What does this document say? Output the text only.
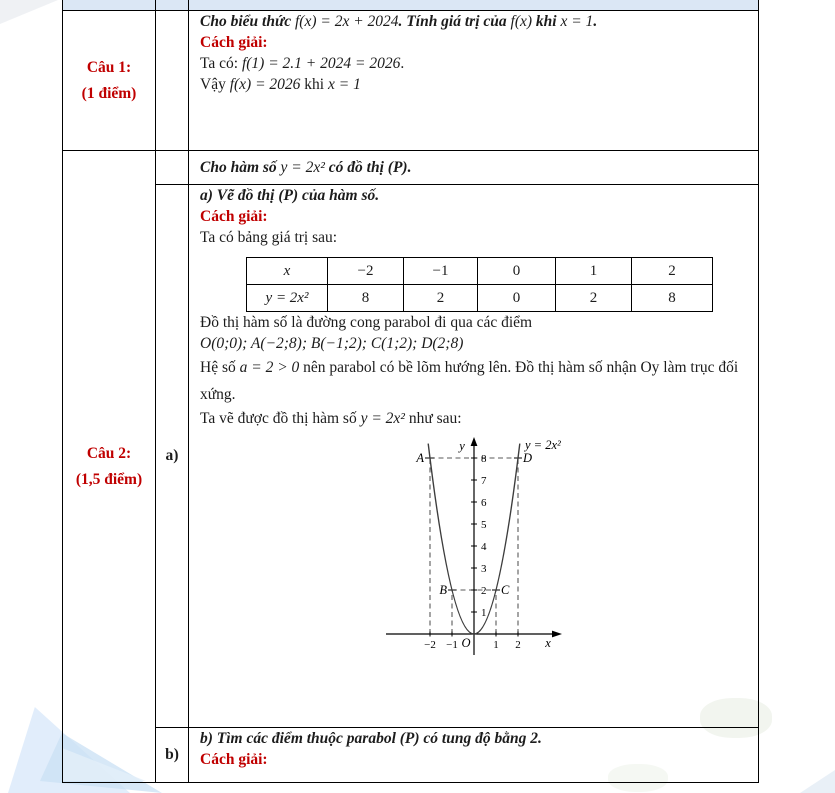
Câu 1:
(1 điểm)

Cho biểu thức f(x) = 2x + 2024. Tính giá trị của f(x) khi x = 1.

Cách giải:

Ta có: f(1) = 2.1 + 2024 = 2026.

Vậy f(x) = 2026 khi x = 1

Câu 2:
(1,5 điểm)

Cho hàm số y = 2x² có đồ thị (P).

a)

a) Vẽ đồ thị (P) của hàm số.

Cách giải:

Ta có bảng giá trị sau:

x	−2	−1	0	1	2
y = 2x²	8	2	0	2	8

Đồ thị hàm số là đường cong parabol đi qua các điểm

O(0;0); A(−2;8); B(−1;2); C(1;2); D(2;8)

Hệ số a = 2 > 0 nên parabol có bề lõm hướng lên. Đồ thị hàm số nhận Oy làm trục đối xứng.

Ta vẽ được đồ thị hàm số y = 2x² như sau:

y
x
O
y = 2x²
1
2
3
4
5
6
7
8
−2 −1	1 2
A
B	C
D
b)

b) Tìm các điểm thuộc parabol (P) có tung độ bằng 2.

Cách giải:
